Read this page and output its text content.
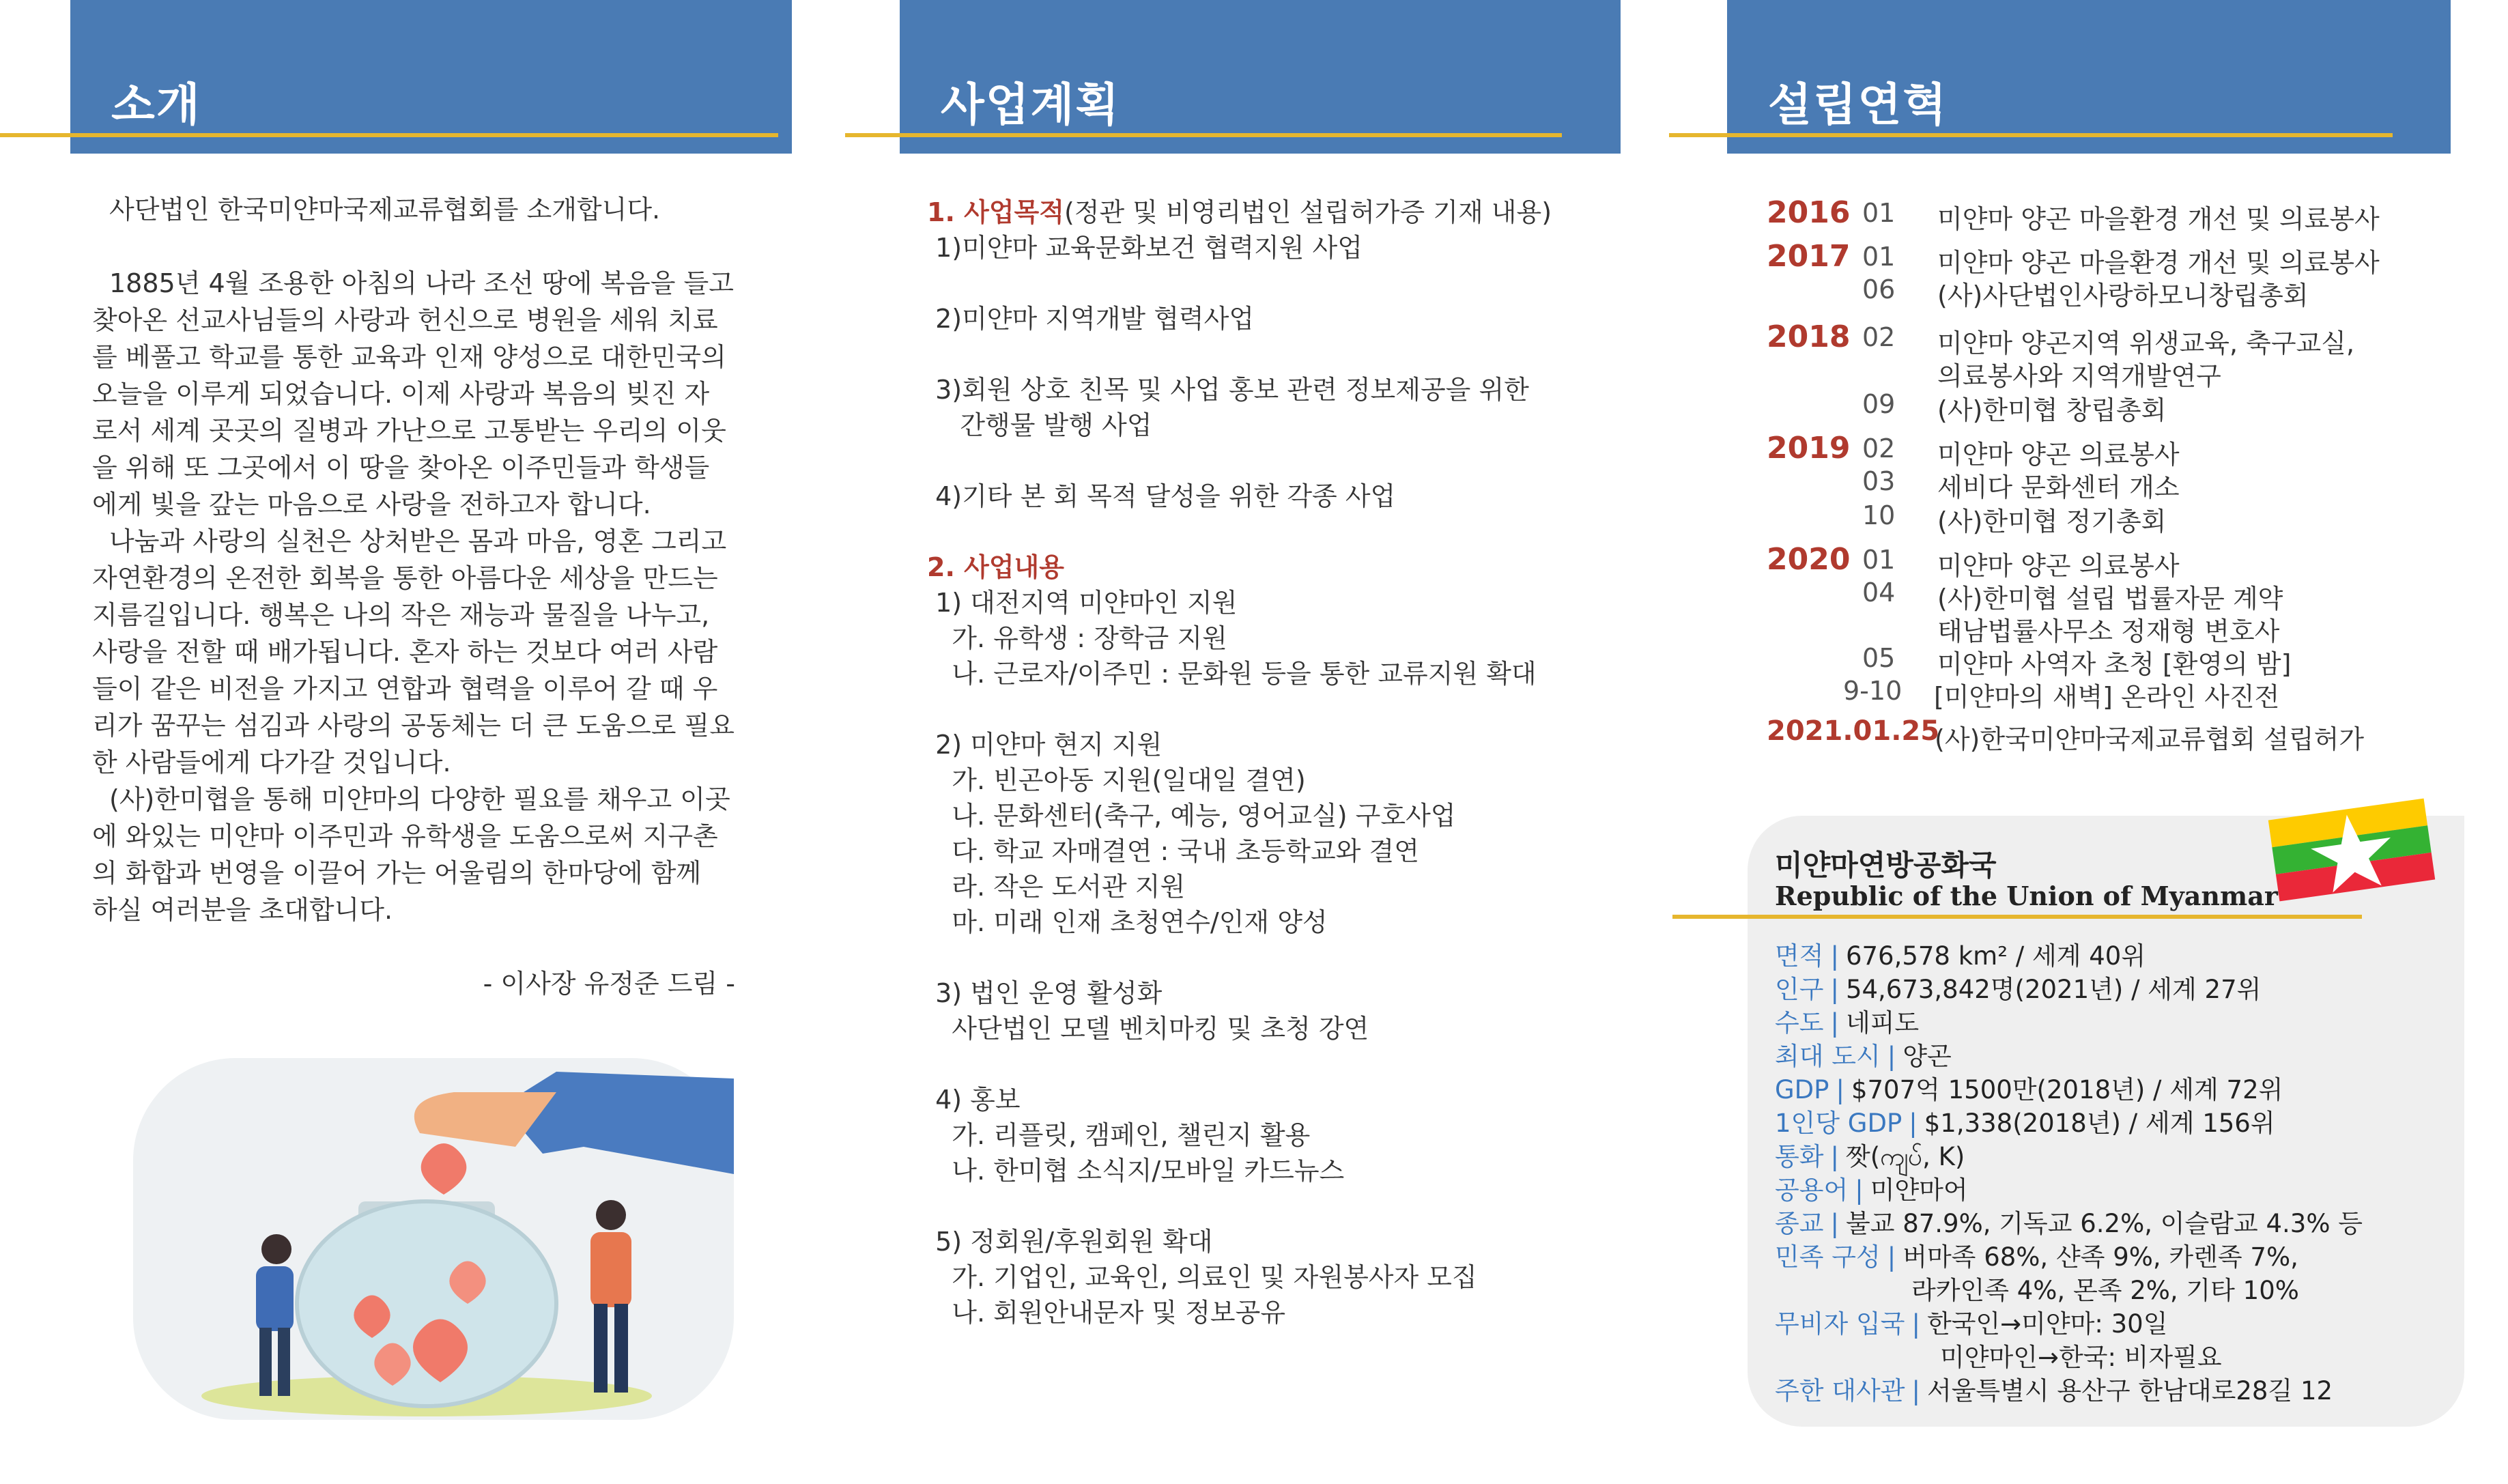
소개

사단법인 한국미얀마국제교류협회를 소개합니다.

1885년 4월 조용한 아침의 나라 조선 땅에 복음을 들고

찾아온 선교사님들의 사랑과 헌신으로 병원을 세워 치료

를 베풀고 학교를 통한 교육과 인재 양성으로 대한민국의

오늘을 이루게 되었습니다. 이제 사랑과 복음의 빚진 자

로서 세계 곳곳의 질병과 가난으로 고통받는 우리의 이웃

을 위해 또 그곳에서 이 땅을 찾아온 이주민들과 학생들

에게 빛을 갚는 마음으로 사랑을 전하고자 합니다.

나눔과 사랑의 실천은 상처받은 몸과 마음, 영혼 그리고

자연환경의 온전한 회복을 통한 아름다운 세상을 만드는

지름길입니다. 행복은 나의 작은 재능과 물질을 나누고,

사랑을 전할 때 배가됩니다. 혼자 하는 것보다 여러 사람

들이 같은 비전을 가지고 연합과 협력을 이루어 갈 때 우

리가 꿈꾸는 섬김과 사랑의 공동체는 더 큰 도움으로 필요

한 사람들에게 다가갈 것입니다.

(사)한미협을 통해 미얀마의 다양한 필요를 채우고 이곳

에 와있는 미얀마 이주민과 유학생을 도움으로써 지구촌

의 화합과 번영을 이끌어 가는 어울림의 한마당에 함께

하실 여러분을 초대합니다.

- 이사장 유정준 드림 -

사업계획
1. 사업목적(정관 및 비영리법인 설립허가증 기재 내용)
1)미얀마 교육문화보건 협력지원 사업

2)미얀마 지역개발 협력사업

3)회원 상호 친목 및 사업 홍보 관련 정보제공을 위한
간행물 발행 사업

4)기타 본 회 목적 달성을 위한 각종 사업
2. 사업내용
1) 대전지역 미얀마인 지원
가. 유학생 : 장학금 지원
나. 근로자/이주민 : 문화원 등을 통한 교류지원 확대

2) 미얀마 현지 지원
가. 빈곤아동 지원(일대일 결연)
나. 문화센터(축구, 예능, 영어교실) 구호사업
다. 학교 자매결연 : 국내 초등학교와 결연
라. 작은 도서관 지원
마. 미래 인재 초청연수/인재 양성

3) 법인 운영 활성화
사단법인 모델 벤치마킹 및 초청 강연

4) 홍보
가. 리플릿, 캠페인, 챌린지 활용
나. 한미협 소식지/모바일 카드뉴스

5) 정회원/후원회원 확대
가. 기업인, 교육인, 의료인 및 자원봉사자 모집
나. 회원안내문자 및 정보공유
설립연혁
2016 01 미얀마 양곤 마을환경 개선 및 의료봉사
2017 01 미얀마 양곤 마을환경 개선 및 의료봉사
06 (사)사단법인사랑하모니창립총회
2018 02 미얀마 양곤지역 위생교육, 축구교실,
의료봉사와 지역개발연구
09 (사)한미협 창립총회
2019 02 미얀마 양곤 의료봉사
03 세비다 문화센터 개소
10 (사)한미협 정기총회
2020 01 미얀마 양곤 의료봉사
04 (사)한미협 설립 법률자문 계약
태남법률사무소 정재형 변호사
05 미얀마 사역자 초청 [환영의 밤]
9-10 [미얀마의 새벽] 온라인 사진전
2021.01.25
(사)한국미얀마국제교류협회 설립허가
미얀마연방공화국
Republic of the Union of Myanmar
면적 | 676,578 km² / 세계 40위
인구 | 54,673,842명(2021년) / 세계 27위
수도 | 네피도
최대 도시 | 양곤
GDP | $707억 1500만(2018년) / 세계 72위
1인당 GDP | $1,338(2018년) / 세계 156위
통화 | 짯(ကျပ်, K)
공용어 | 미얀마어
종교 | 불교 87.9%, 기독교 6.2%, 이슬람교 4.3% 등
민족 구성 | 버마족 68%, 샨족 9%, 카렌족 7%,
라카인족 4%, 몬족 2%, 기타 10%
무비자 입국 | 한국인→미얀마: 30일
미얀마인→한국: 비자필요
주한 대사관 | 서울특별시 용산구 한남대로28길 12
